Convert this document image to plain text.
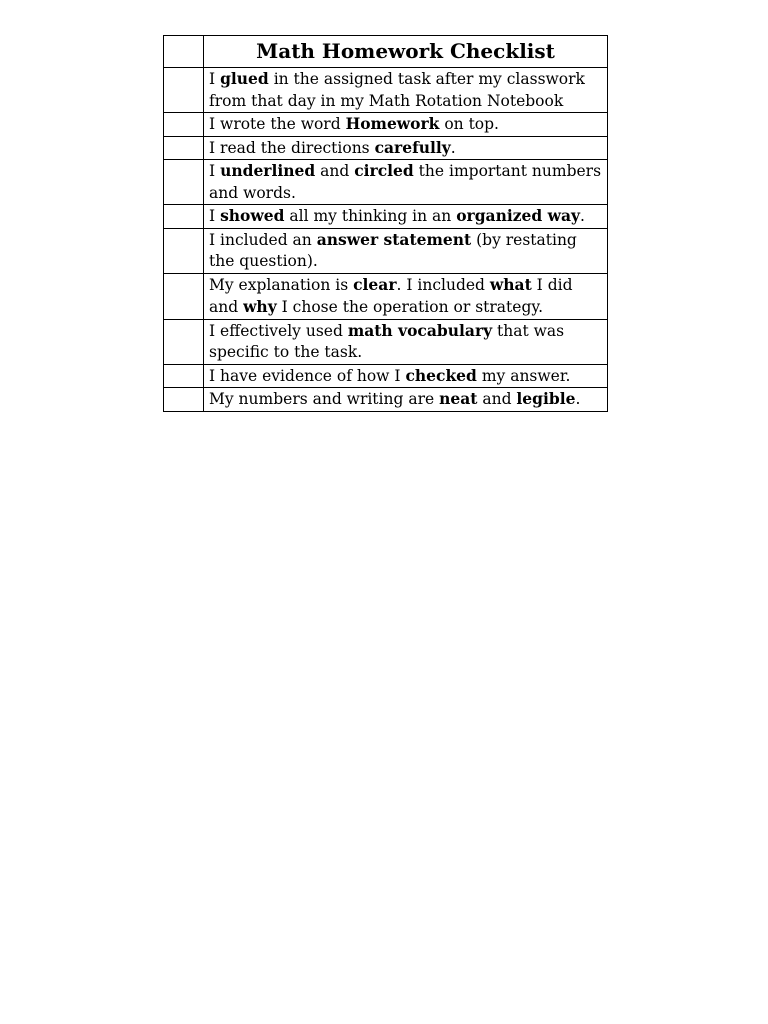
	Math Homework Checklist
	I glued in the assigned task after my classwork from that day in my Math Rotation Notebook
	I wrote the word Homework on top.
	I read the directions carefully.
	I underlined and circled the important numbers and words.
	I showed all my thinking in an organized way.
	I included an answer statement (by restating the question).
	My explanation is clear. I included what I did and why I chose the operation or strategy.
	I effectively used math vocabulary that was specific to the task.
	I have evidence of how I checked my answer.
	My numbers and writing are neat and legible.
